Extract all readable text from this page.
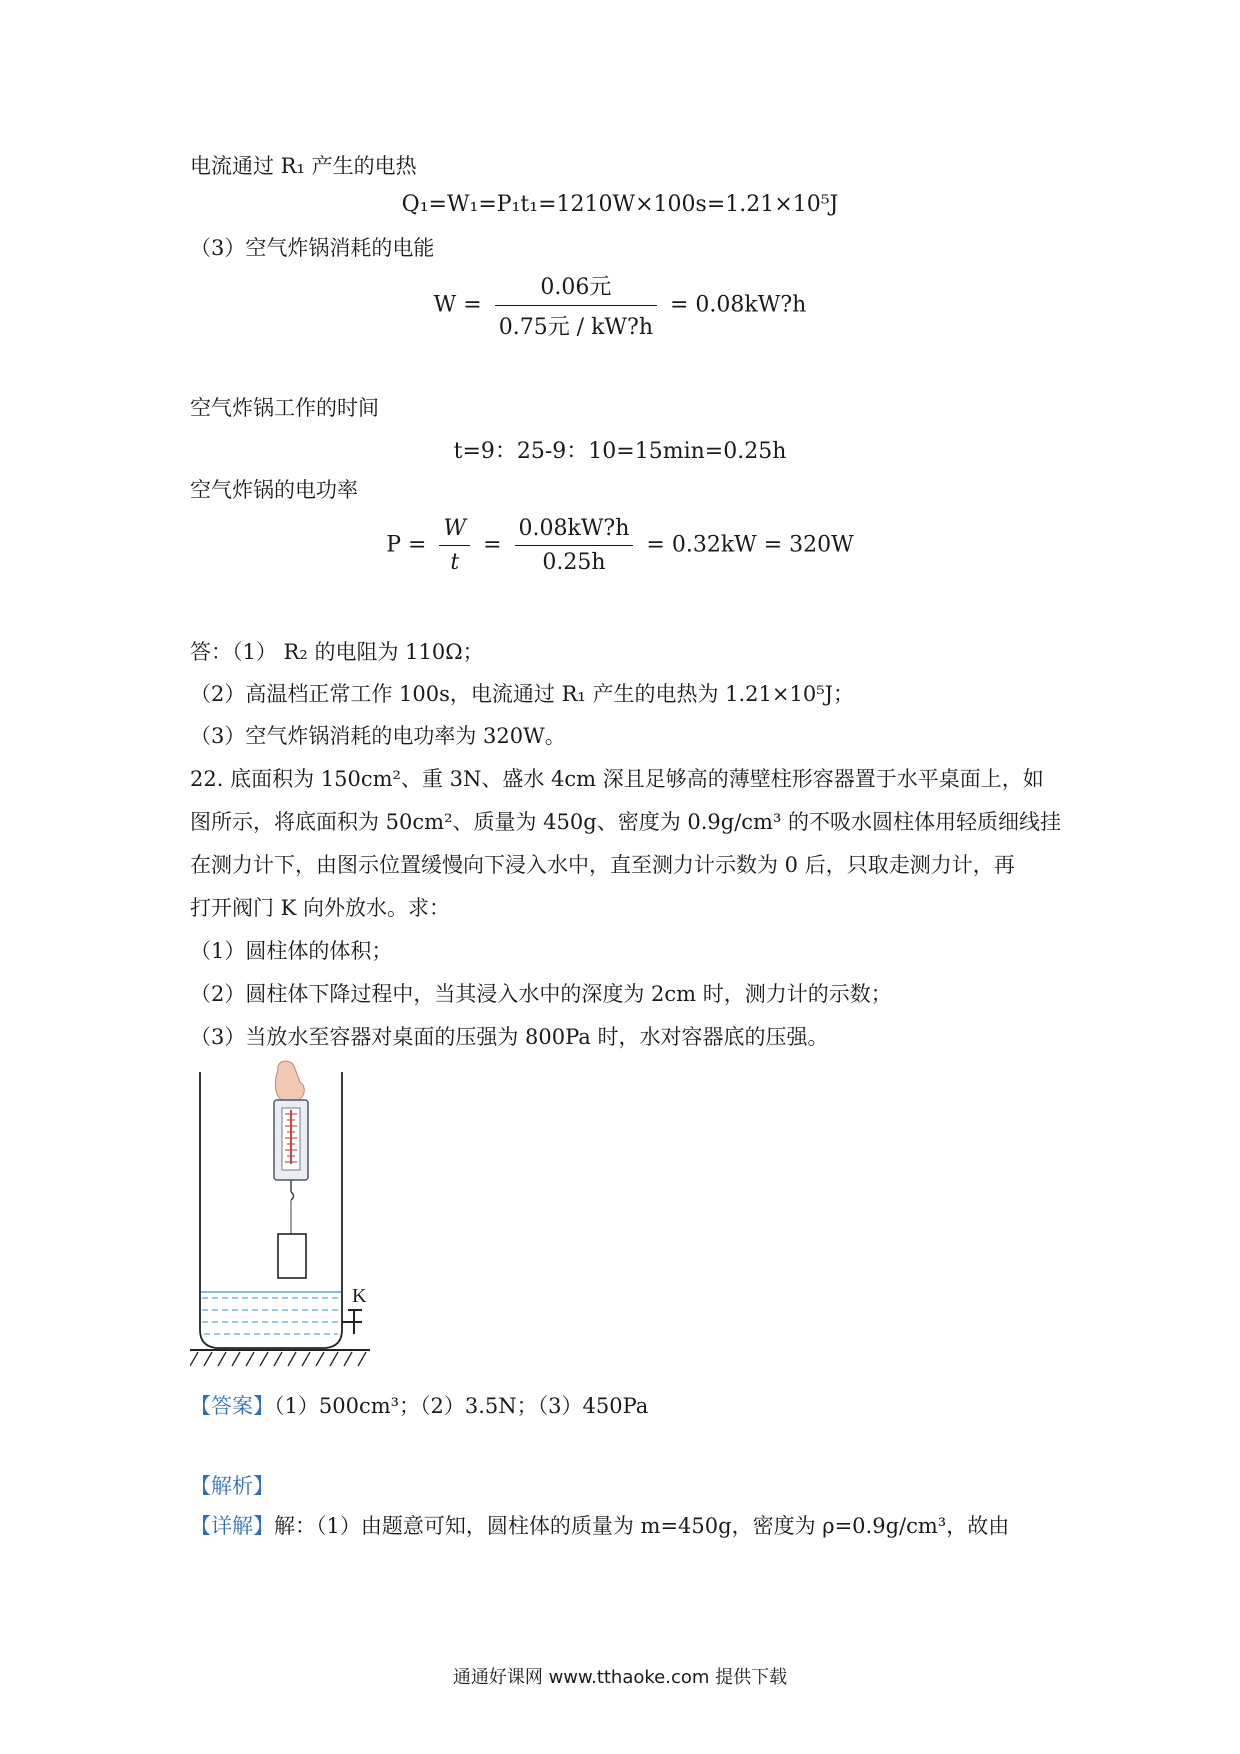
电流通过 R₁ 产生的电热
Q₁=W₁=P₁t₁=1210W×100s=1.21×10⁵J
（3）空气炸锅消耗的电能
$W = \frac{\text{0.06元}}{\text{0.75元 / kW?h}}$ = 0.08kW?h
空气炸锅工作的时间
t=9：25-9：10=15min=0.25h
空气炸锅的电功率
$P = \frac{W}{t} = \frac{0.08kW?h}{0.25h} = 0.32kW = 320W$
答：（1） R₂ 的电阻为 110Ω；
（2）高温档正常工作 100s，电流通过 R₁ 产生的电热为 1.21×10⁵J；
（3）空气炸锅消耗的电功率为 320W。
22. 底面积为 150cm²、重 3N、盛水 4cm 深且足够高的薄壁柱形容器置于水平桌面上，如
图所示，将底面积为 50cm²、质量为 450g、密度为 0.9g/cm³ 的不吸水圆柱体用轻质细线挂
在测力计下，由图示位置缓慢向下浸入水中，直至测力计示数为 0 后，只取走测力计，再
打开阀门 K 向外放水。求：
（1）圆柱体的体积；
（2）圆柱体下降过程中，当其浸入水中的深度为 2cm 时，测力计的示数；
（3）当放水至容器对桌面的压强为 800Pa 时，水对容器底的压强。
K
【答案】（1）500cm³；（2）3.5N；（3）450Pa
【解析】
【详解】解：（1）由题意可知，圆柱体的质量为 m=450g，密度为 ρ=0.9g/cm³，故由
通通好课网 www.tthaoke.com 提供下载
